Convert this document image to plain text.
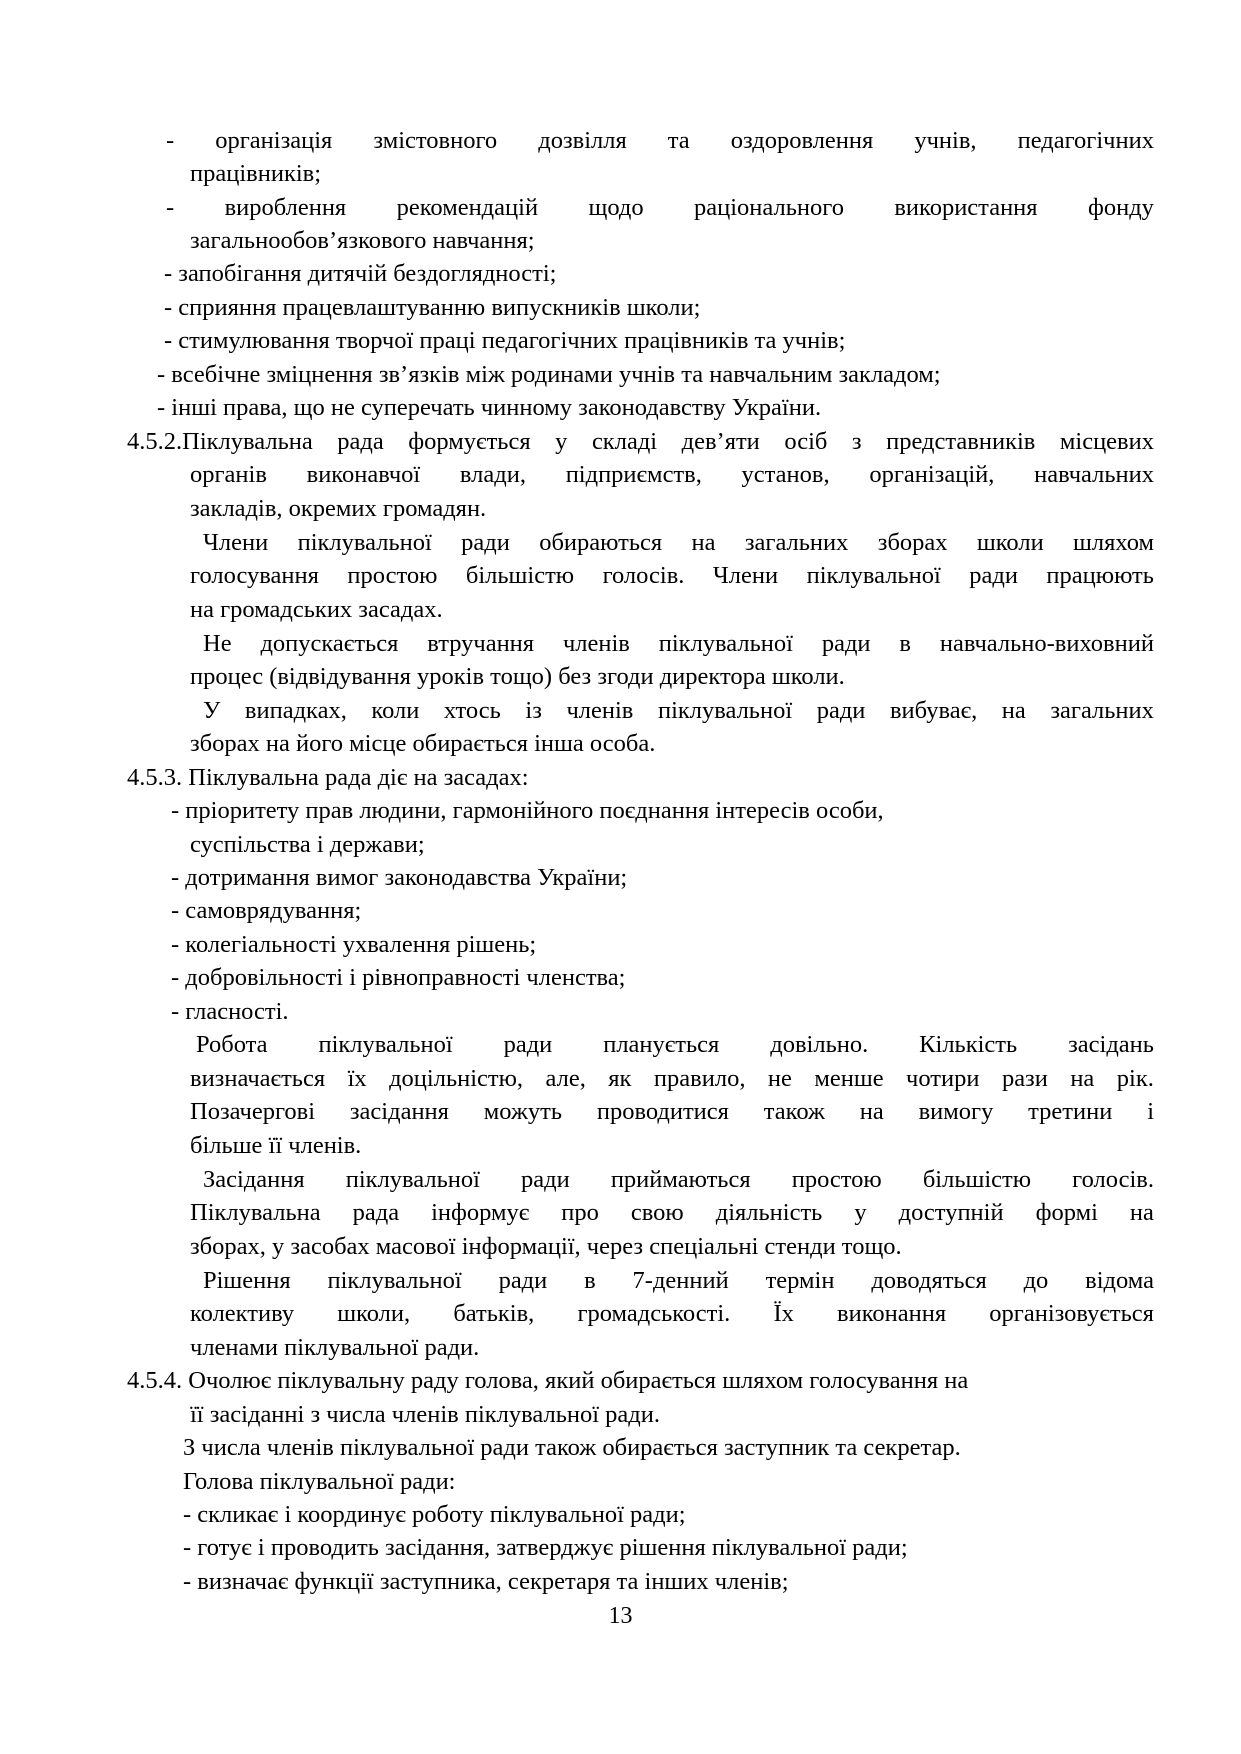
- організація змістовного дозвілля та оздоровлення учнів, педагогічних
працівників;
- вироблення рекомендацій щодо раціонального використання фонду
загальнообов’язкового навчання;
- запобігання дитячій бездоглядності;
- сприяння працевлаштуванню випускників школи;
- стимулювання творчої праці педагогічних працівників та учнів;
- всебічне зміцнення зв’язків між родинами учнів та навчальним закладом;
- інші права, що не суперечать чинному законодавству України.
4.5.2.Піклувальна рада формується у складі дев’яти осіб з представників місцевих
органів виконавчої влади, підприємств, установ, організацій, навчальних
закладів, окремих громадян.
Члени піклувальної ради обираються на загальних зборах школи шляхом
голосування простою більшістю голосів. Члени піклувальної ради працюють
на громадських засадах.
Не допускається втручання членів піклувальної ради в навчально-виховний
процес (відвідування уроків тощо) без згоди директора школи.
У випадках, коли хтось із членів піклувальної ради вибуває, на загальних
зборах на його місце обирається інша особа.
4.5.3. Піклувальна рада діє на засадах:
- пріоритету прав людини, гармонійного поєднання інтересів особи,
суспільства і держави;
- дотримання вимог законодавства України;
- самоврядування;
- колегіальності ухвалення рішень;
- добровільності і рівноправності членства;
- гласності.
Робота піклувальної ради планується довільно. Кількість засідань
визначається їх доцільністю, але, як правило, не менше чотири рази на рік.
Позачергові засідання можуть проводитися також на вимогу третини і
більше її членів.
Засідання піклувальної ради приймаються простою більшістю голосів.
Піклувальна рада інформує про свою діяльність у доступній формі на
зборах, у засобах масової інформації, через спеціальні стенди тощо.
Рішення піклувальної ради в 7-денний термін доводяться до відома
колективу школи, батьків, громадськості. Їх виконання організовується
членами піклувальної ради.
4.5.4. Очолює піклувальну раду голова, який обирається шляхом голосування на
її засіданні з числа членів піклувальної ради.
З числа членів піклувальної ради також обирається заступник та секретар.
Голова піклувальної ради:
- скликає і координує роботу піклувальної ради;
- готує і проводить засідання, затверджує рішення піклувальної ради;
- визначає функції заступника, секретаря та інших членів;
13
